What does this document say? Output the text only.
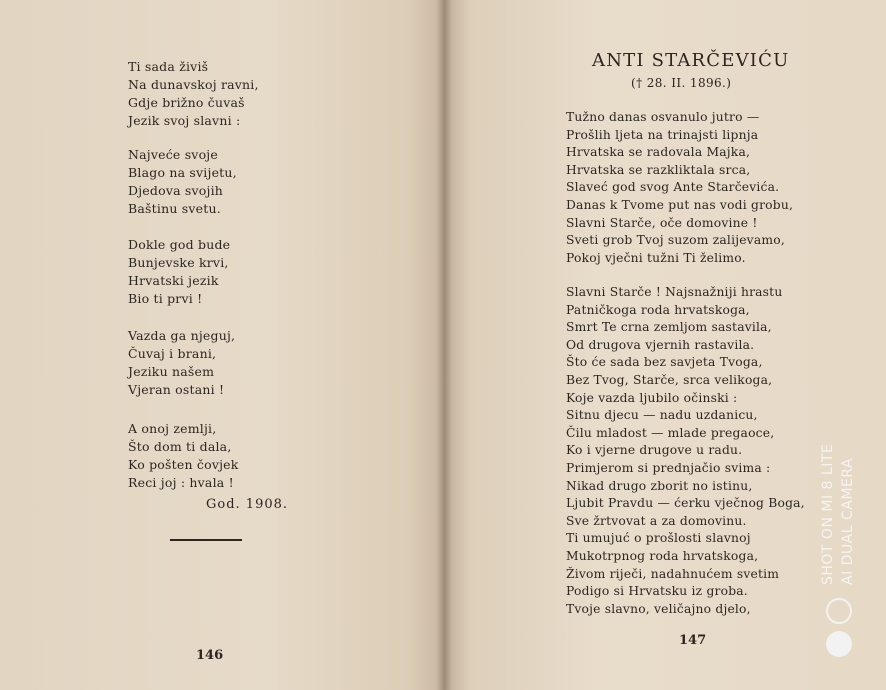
Ti sada živiš
Na dunavskoj ravni,
Gdje brižno čuvaš
Jezik svoj slavni :
Najveće svoje
Blago na svijetu,
Djedova svojih
Baštinu svetu.
Dokle god bude
Bunjevske krvi,
Hrvatski jezik
Bio ti prvi !
Vazda ga njeguj,
Čuvaj i brani,
Jeziku našem
Vjeran ostani !
A onoj zemlji,
Što dom ti dala,
Ko pošten čovjek
Reci joj : hvala !
God. 1908.
146
ANTI STARČEVIĆU
(† 28. II. 1896.)
Tužno danas osvanulo jutro —
Prošlih ljeta na trinajsti lipnja
Hrvatska se radovala Majka,
Hrvatska se razkliktala srca,
Slaveć god svog Ante Starčevića.
Danas k Tvome put nas vodi grobu,
Slavni Starče, oče domovine !
Sveti grob Tvoj suzom zalijevamo,
Pokoj vječni tužni Ti želimo.
Slavni Starče ! Najsnažniji hrastu
Patničkoga roda hrvatskoga,
Smrt Te crna zemljom sastavila,
Od drugova vjernih rastavila.
Što će sada bez savjeta Tvoga,
Bez Tvog, Starče, srca velikoga,
Koje vazda ljubilo očinski :
Sitnu djecu — nadu uzdanicu,
Čilu mladost — mlade pregaoce,
Ko i vjerne drugove u radu.
Primjerom si prednjačio svima :
Nikad drugo zborit no istinu,
Ljubit Pravdu — ćerku vječnog Boga,
Sve žrtvovat a za domovinu.
Ti umujuć o prošlosti slavnoj
Mukotrpnog roda hrvatskoga,
Živom riječi, nadahnućem svetim
Podigo si Hrvatsku iz groba.
Tvoje slavno, veličajno djelo,
147
SHOT ON MI 8 LITE AI DUAL CAMERA
